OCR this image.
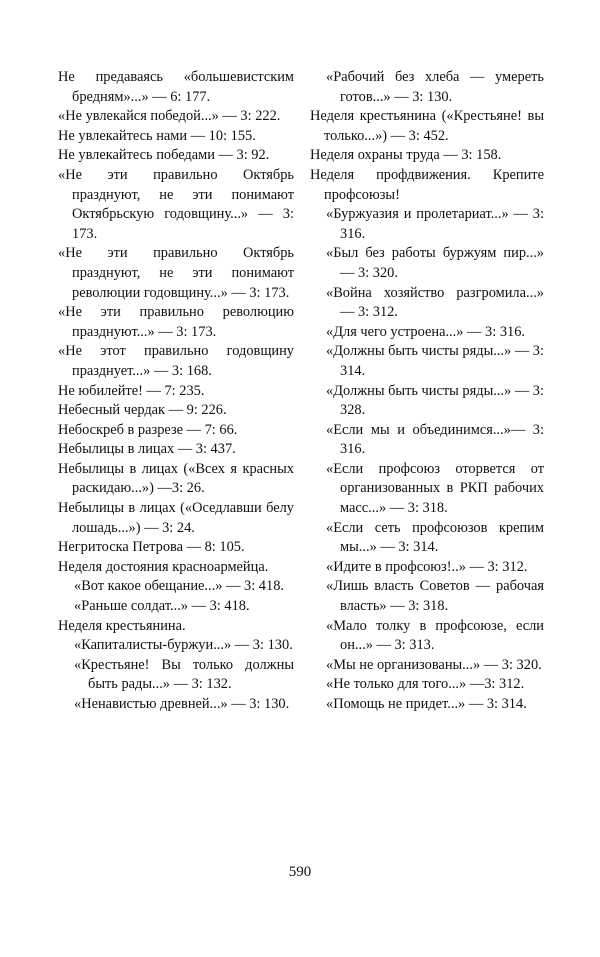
Не предаваясь «большевистским бредням»...» — 6: 177.

«Не увлекайся победой...» — 3: 222.

Не увлекайтесь нами — 10: 155.

Не увлекайтесь победами — 3: 92.

«Не эти правильно Октябрь празднуют, не эти понимают Октябрьскую годовщину...» — 3: 173.

«Не эти правильно Октябрь празднуют, не эти понимают революции годовщину...» — 3: 173.

«Не эти правильно революцию празднуют...» — 3: 173.

«Не этот правильно годовщину празднует...» — 3: 168.

Не юбилейте! — 7: 235.

Небесный чердак — 9: 226.

Небоскреб в разрезе — 7: 66.

Небылицы в лицах — 3: 437.

Небылицы в лицах («Всех я красных раскидаю...») —3: 26.

Небылицы в лицах («Оседлавши белу лошадь...») — 3: 24.

Негритоска Петрова — 8: 105.

Неделя достояния красноармейца.

«Вот какое обещание...» — 3: 418.

«Раньше солдат...» — 3: 418.

Неделя крестьянина.

«Капиталисты-буржуи...» — 3: 130.

«Крестьяне! Вы только должны быть рады...» — 3: 132.

«Ненавистью древней...» — 3: 130.

«Рабочий без хлеба — умереть готов...» — 3: 130.

Неделя крестьянина («Крестьяне! вы только...») — 3: 452.

Неделя охраны труда — 3: 158.

Неделя профдвижения. Крепите профсоюзы!

«Буржуазия и пролетариат...» — 3: 316.

«Был без работы буржуям пир...» — 3: 320.

«Война хозяйство разгромила...» — 3: 312.

«Для чего устроена...» — 3: 316.

«Должны быть чисты ряды...» — 3: 314.

«Должны быть чисты ряды...» — 3: 328.

«Если мы и объединимся...»— 3: 316.

«Если профсоюз оторвется от организованных в РКП рабочих масс...» — 3: 318.

«Если сеть профсоюзов крепим мы...» — 3: 314.

«Идите в профсоюз!..» — 3: 312.

«Лишь власть Советов — рабочая власть» — 3: 318.

«Мало толку в профсоюзе, если он...» — 3: 313.

«Мы не организованы...» — 3: 320.

«Не только для того...» —3: 312.

«Помощь не придет...» — 3: 314.

590
